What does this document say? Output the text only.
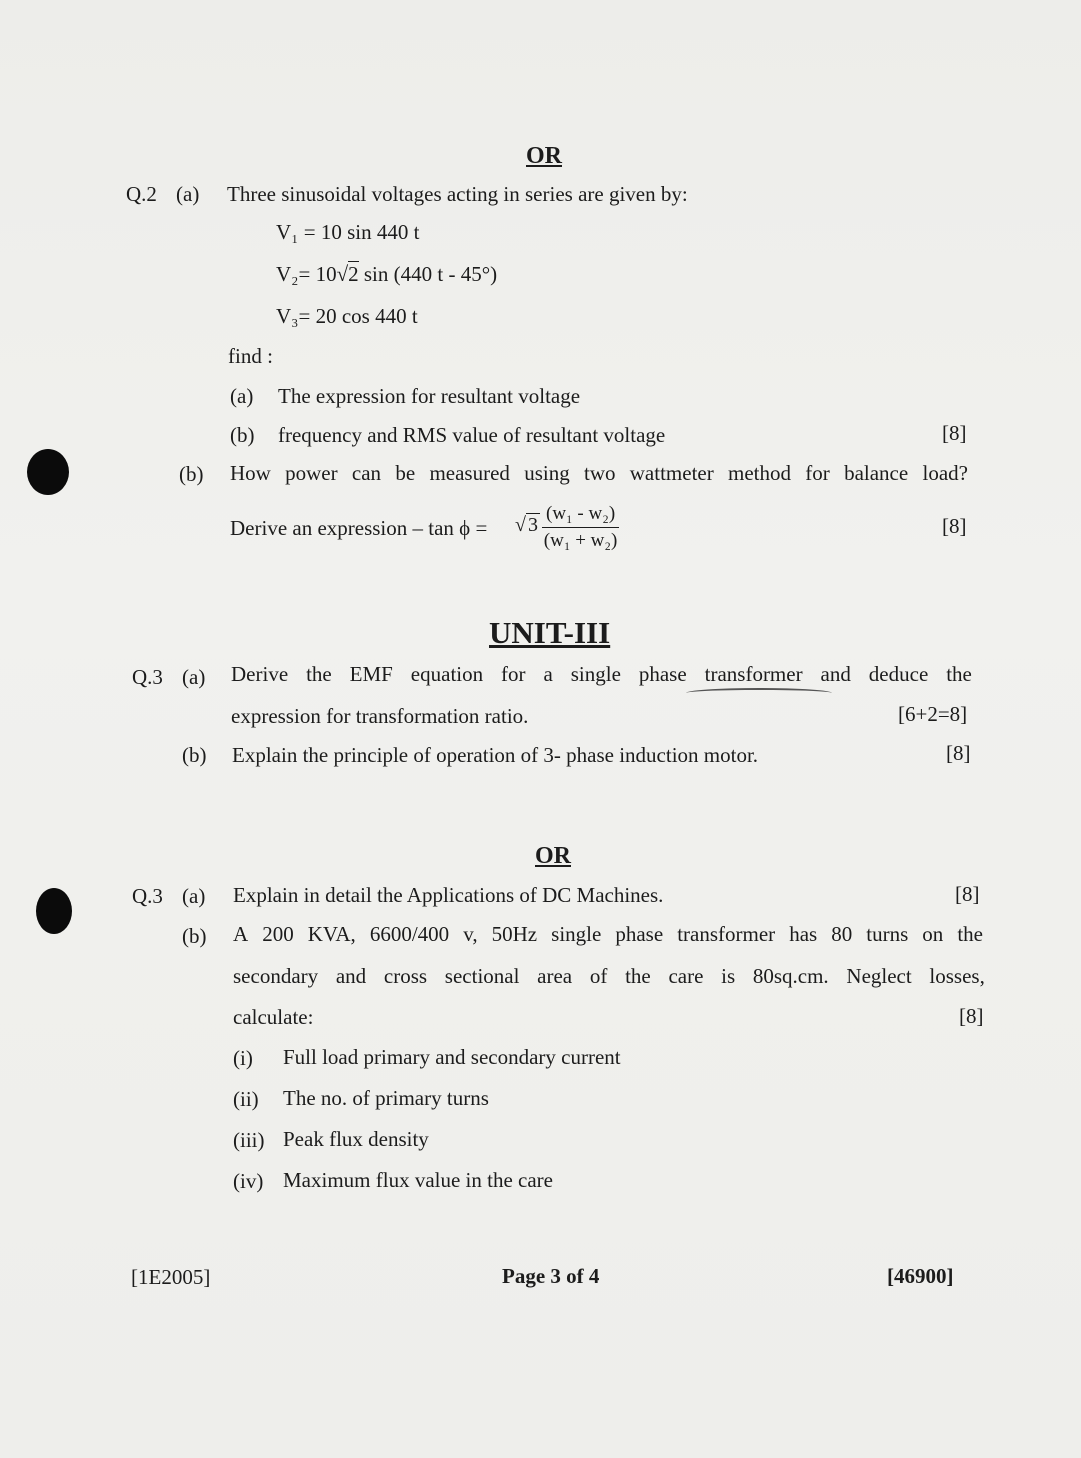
OR
Q.2 (a) Three sinusoidal voltages acting in series are given by:
V₁ = 10 sin 440 t
V₂= 10√2 sin (440 t - 45°)
V₃= 20 cos 440 t
find :
(a) The expression for resultant voltage
(b) frequency and RMS value of resultant voltage	[8]
(b) How power can be measured using two wattmeter method for balance load?
Derive an expression – tan ϕ = √ $3 \frac{\text{(w₁ - w₂)}}{\text{(w₁ + w₂)}}$	[8]
UNIT-III
Q.3 (a) Derive the EMF equation for a single phase transformer and deduce the
expression for transformation ratio.	[6+2=8]
(b) Explain the principle of operation of 3- phase induction motor.	[8]
OR
Q.3 (a) Explain in detail the Applications of DC Machines.	[8]
(b) A 200 KVA, 6600/400 v, 50Hz single phase transformer has 80 turns on the
secondary and cross sectional area of the care is 80sq.cm. Neglect losses,
calculate:	[8]
(i) Full load primary and secondary current
(ii) The no. of primary turns
(iii) Peak flux density
(iv) Maximum flux value in the care
[1E2005]	Page 3 of 4	[46900]
